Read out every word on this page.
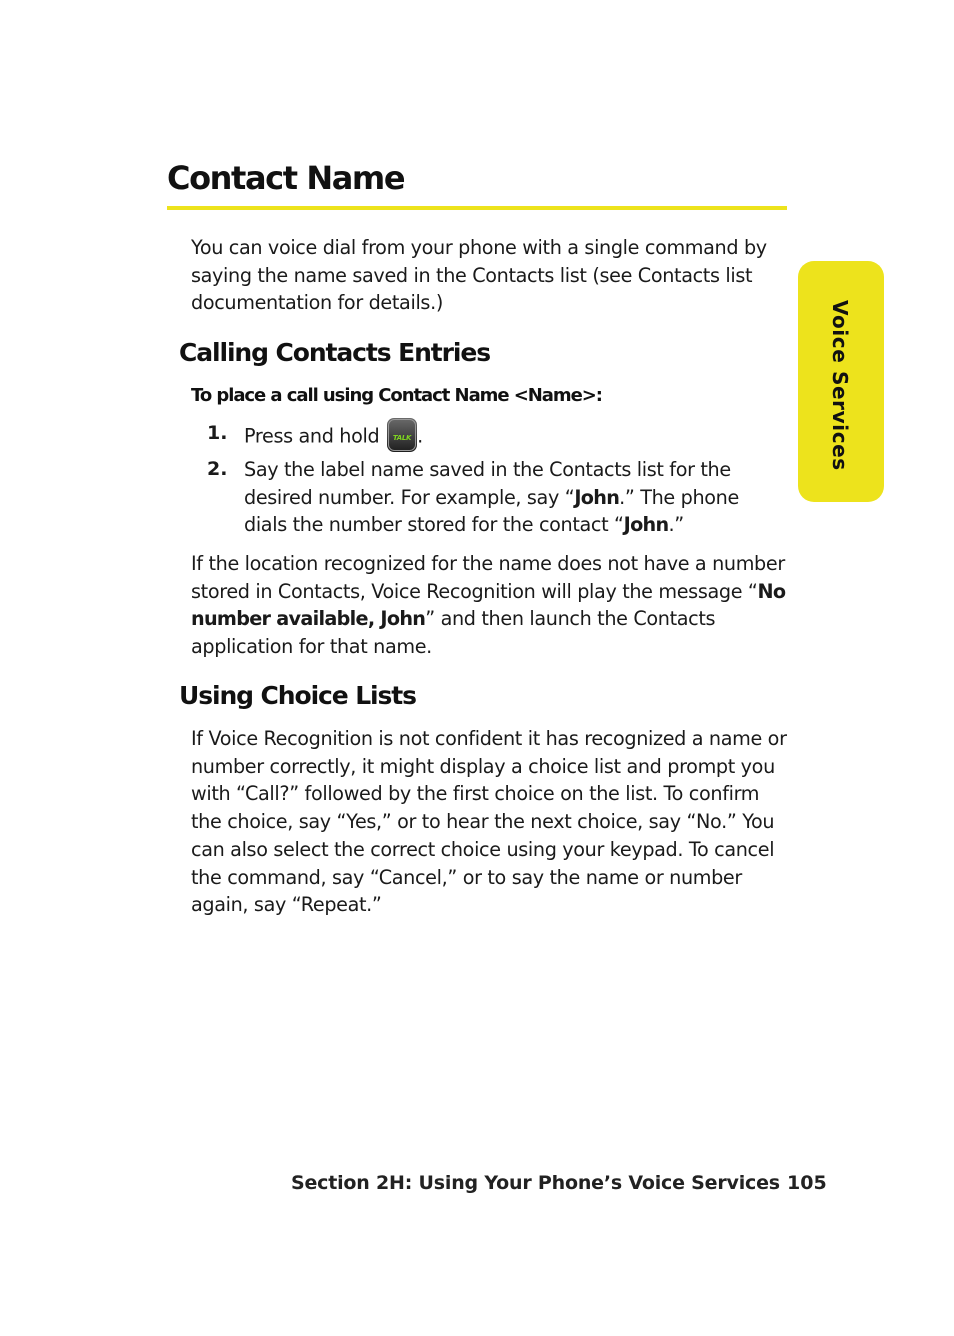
Contact Name

You can voice dial from your phone with a single command by saying the name saved in the Contacts list (see Contacts list documentation for details.)

Calling Contacts Entries

To place a call using Contact Name <Name>:

1. Press and hold TALK .
2. Say the label name saved in the Contacts list for the desired number. For example, say “John.” The phone dials the number stored for the contact “John.”

If the location recognized for the name does not have a number stored in Contacts, Voice Recognition will play the message “No number available, John” and then launch the Contacts application for that name.

Using Choice Lists

If Voice Recognition is not confident it has recognized a name or number correctly, it might display a choice list and prompt you with “Call?” followed by the first choice on the list. To confirm the choice, say “Yes,” or to hear the next choice, say “No.” You can also select the correct choice using your keypad. To cancel the command, say “Cancel,” or to say the name or number again, say “Repeat.”

Voice Services

Section 2H: Using Your Phone’s Voice Services 105
